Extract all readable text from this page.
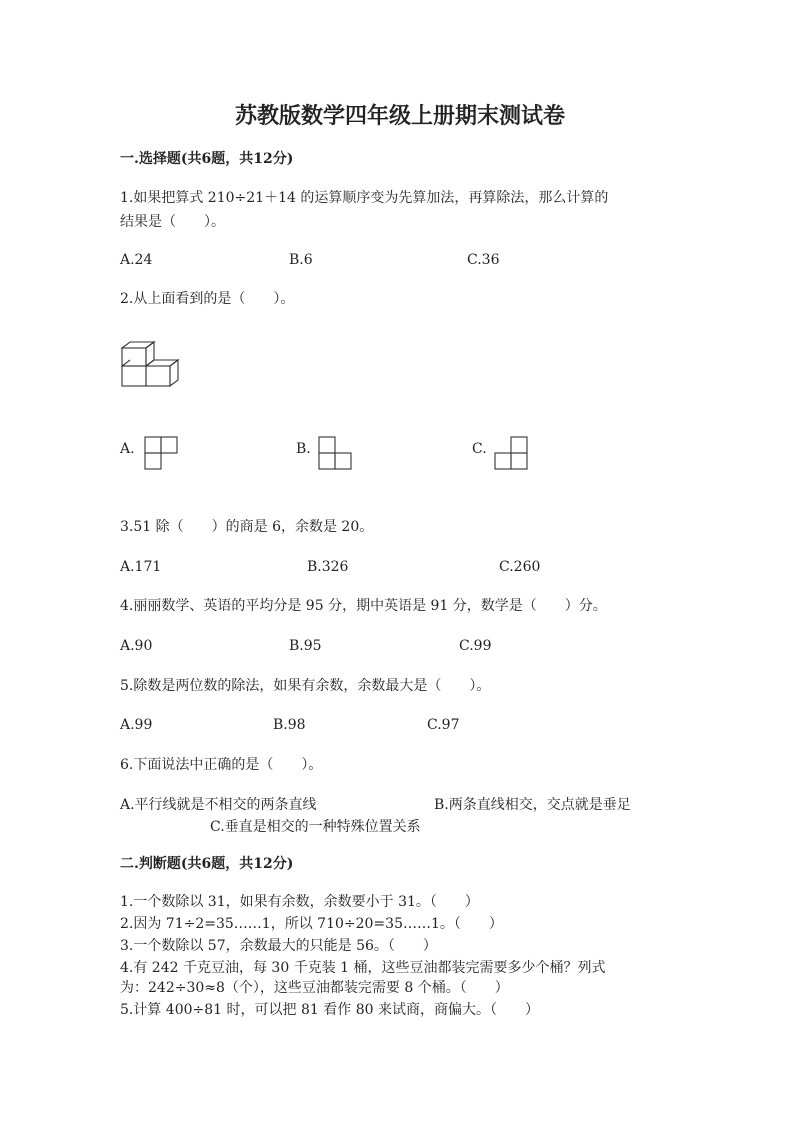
苏教版数学四年级上册期末测试卷
一.选择题(共6题，共12分)
1.如果把算式 210÷21＋14 的运算顺序变为先算加法，再算除法，那么计算的
结果是（　　）。
A.24	B.6	C.36
2.从上面看到的是（　　）。
A.	B.	C.
3.51 除（　　）的商是 6，余数是 20。
A.171	B.326	C.260
4.丽丽数学、英语的平均分是 95 分，期中英语是 91 分，数学是（　　）分。
A.90	B.95	C.99
5.除数是两位数的除法，如果有余数，余数最大是（　　）。
A.99	B.98	C.97
6.下面说法中正确的是（　　）。
A.平行线就是不相交的两条直线	B.两条直线相交，交点就是垂足
C.垂直是相交的一种特殊位置关系
二.判断题(共6题，共12分)
1.一个数除以 31，如果有余数，余数要小于 31。（　　）
2.因为 71÷2=35……1，所以 710÷20=35……1。（　　）
3.一个数除以 57，余数最大的只能是 56。（　　）
4.有 242 千克豆油，每 30 千克装 1 桶，这些豆油都装完需要多少个桶？列式
为：242÷30≈8（个），这些豆油都装完需要 8 个桶。（　　）
5.计算 400÷81 时，可以把 81 看作 80 来试商，商偏大。（　　）
